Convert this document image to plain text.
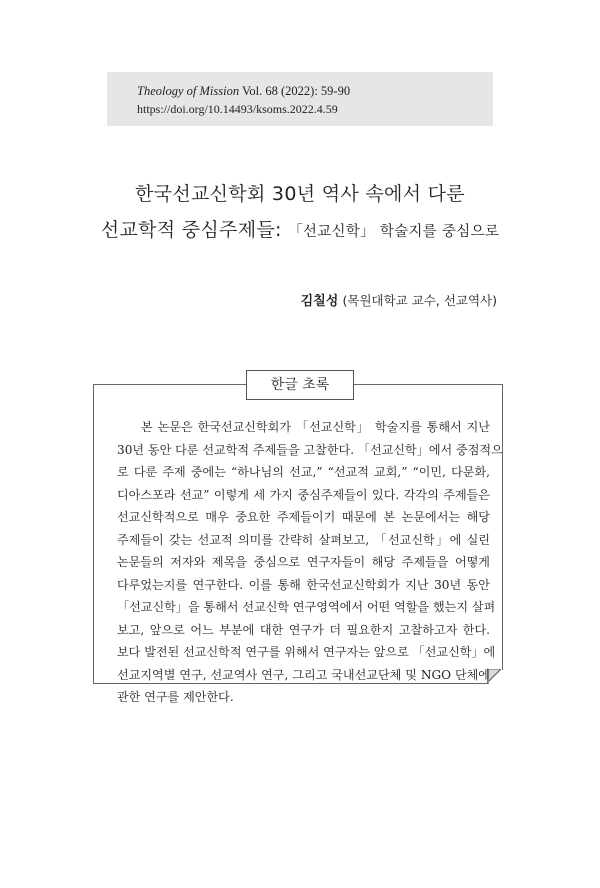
Theology of Mission Vol. 68 (2022): 59-90
https://doi.org/10.14493/ksoms.2022.4.59
한국선교신학회 30년 역사 속에서 다룬
선교학적 중심주제들: 「선교신학」 학술지를 중심으로
김칠성 (목원대학교 교수, 선교역사)
한글 초록
본 논문은 한국선교신학회가 「선교신학」 학술지를 통해서 지난
30년 동안 다룬 선교학적 주제들을 고찰한다. 「선교신학」에서 중점적으
로 다룬 주제 중에는 “하나님의 선교,” “선교적 교회,” “이민, 다문화,
디아스포라 선교” 이렇게 세 가지 중심주제들이 있다. 각각의 주제들은
선교신학적으로 매우 중요한 주제들이기 때문에 본 논문에서는 해당
주제들이 갖는 선교적 의미를 간략히 살펴보고, 「선교신학」에 실린
논문들의 저자와 제목을 중심으로 연구자들이 해당 주제들을 어떻게
다루었는지를 연구한다. 이를 통해 한국선교신학회가 지난 30년 동안
「선교신학」을 통해서 선교신학 연구영역에서 어떤 역할을 했는지 살펴
보고, 앞으로 어느 부분에 대한 연구가 더 필요한지 고찰하고자 한다.
보다 발전된 선교신학적 연구를 위해서 연구자는 앞으로 「선교신학」에
선교지역별 연구, 선교역사 연구, 그리고 국내선교단체 및 NGO 단체에
관한 연구를 제안한다.
